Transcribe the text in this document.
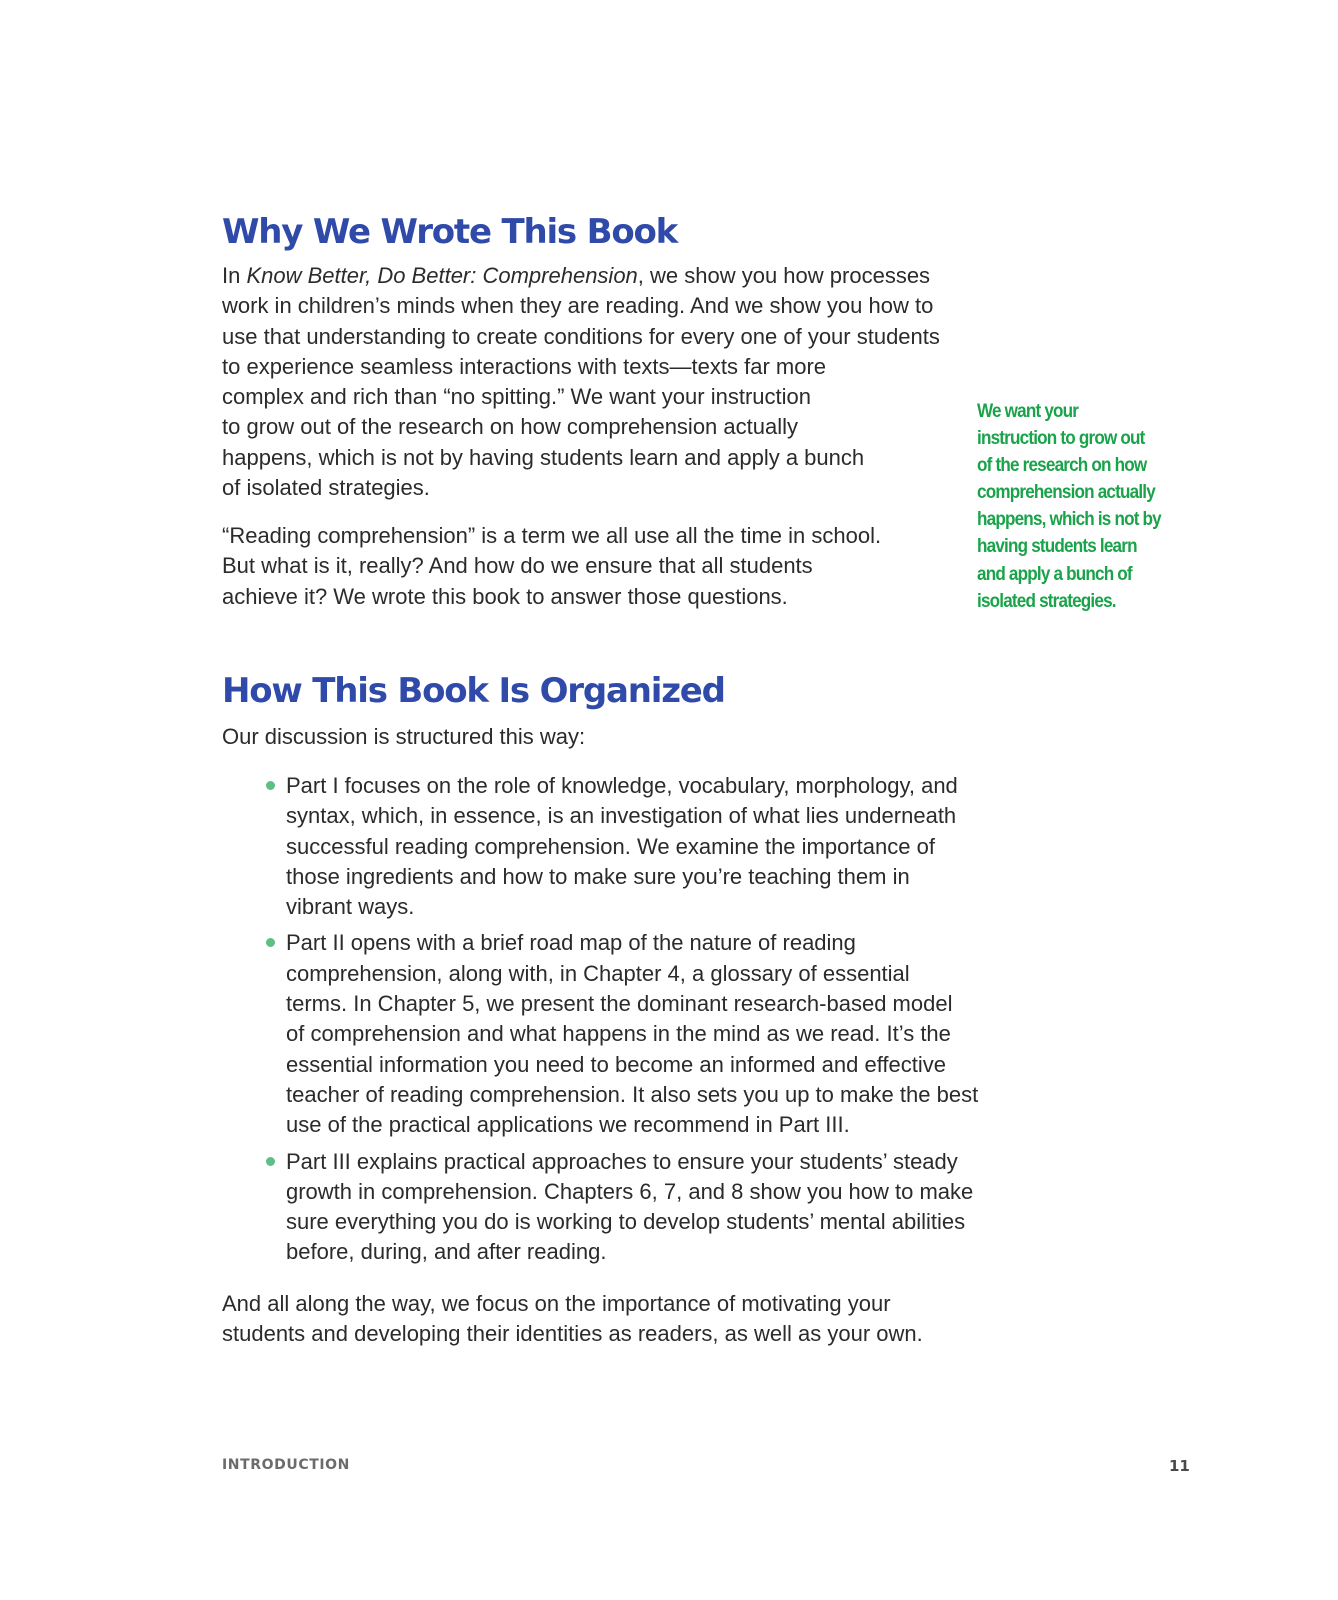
Why We Wrote This Book
In Know Better, Do Better: Comprehension, we show you how processes
work in children’s minds when they are reading. And we show you how to
use that understanding to create conditions for every one of your students
to experience seamless interactions with texts—texts far more
complex and rich than “no spitting.” We want your instruction
to grow out of the research on how comprehension actually
happens, which is not by having students learn and apply a bunch
of isolated strategies.
“Reading comprehension” is a term we all use all the time in school.
But what is it, really? And how do we ensure that all students
achieve it? We wrote this book to answer those questions.
We want your
instruction to grow out
of the research on how
comprehension actually
happens, which is not by
having students learn
and apply a bunch of
isolated strategies.
How This Book Is Organized
Our discussion is structured this way:
Part I focuses on the role of knowledge, vocabulary, morphology, and
syntax, which, in essence, is an investigation of what lies underneath
successful reading comprehension. We examine the importance of
those ingredients and how to make sure you’re teaching them in
vibrant ways.
Part II opens with a brief road map of the nature of reading
comprehension, along with, in Chapter 4, a glossary of essential
terms. In Chapter 5, we present the dominant research-based model
of comprehension and what happens in the mind as we read. It’s the
essential information you need to become an informed and effective
teacher of reading comprehension. It also sets you up to make the best
use of the practical applications we recommend in Part III.
Part III explains practical approaches to ensure your students’ steady
growth in comprehension. Chapters 6, 7, and 8 show you how to make
sure everything you do is working to develop students’ mental abilities
before, during, and after reading.
And all along the way, we focus on the importance of motivating your
students and developing their identities as readers, as well as your own.
INTRODUCTION	11
